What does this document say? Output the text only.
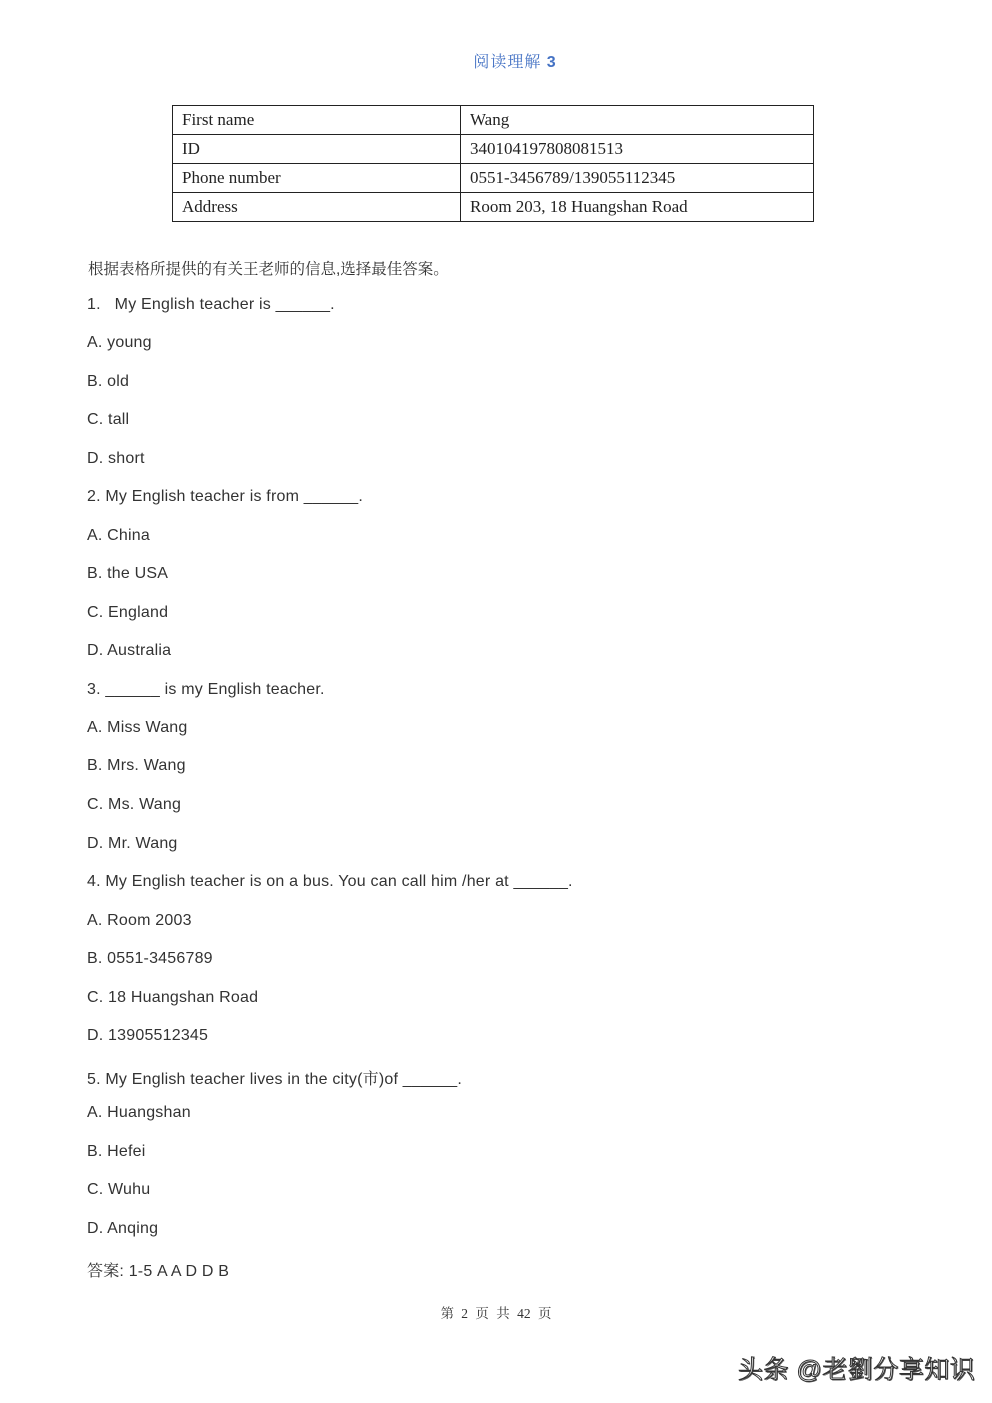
阅读理解 3
First name	Wang
ID	340104197808081513
Phone number	0551-3456789/139055112345
Address	Room 203, 18 Huangshan Road
根据表格所提供的有关王老师的信息,选择最佳答案。
1.   My English teacher is ______.
A. young
B. old
C. tall
D. short
2. My English teacher is from ______.
A. China
B. the USA
C. England
D. Australia
3. ______ is my English teacher.
A. Miss Wang
B. Mrs. Wang
C. Ms. Wang
D. Mr. Wang
4. My English teacher is on a bus. You can call him /her at ______.
A. Room 2003
B. 0551-3456789
C. 18 Huangshan Road
D. 13905512345
5. My English teacher lives in the city(市)of ______.
A. Huangshan
B. Hefei
C. Wuhu
D. Anqing
答案: 1-5 A A D D B
第 2 页 共 42 页
头条 @老劉分享知识
